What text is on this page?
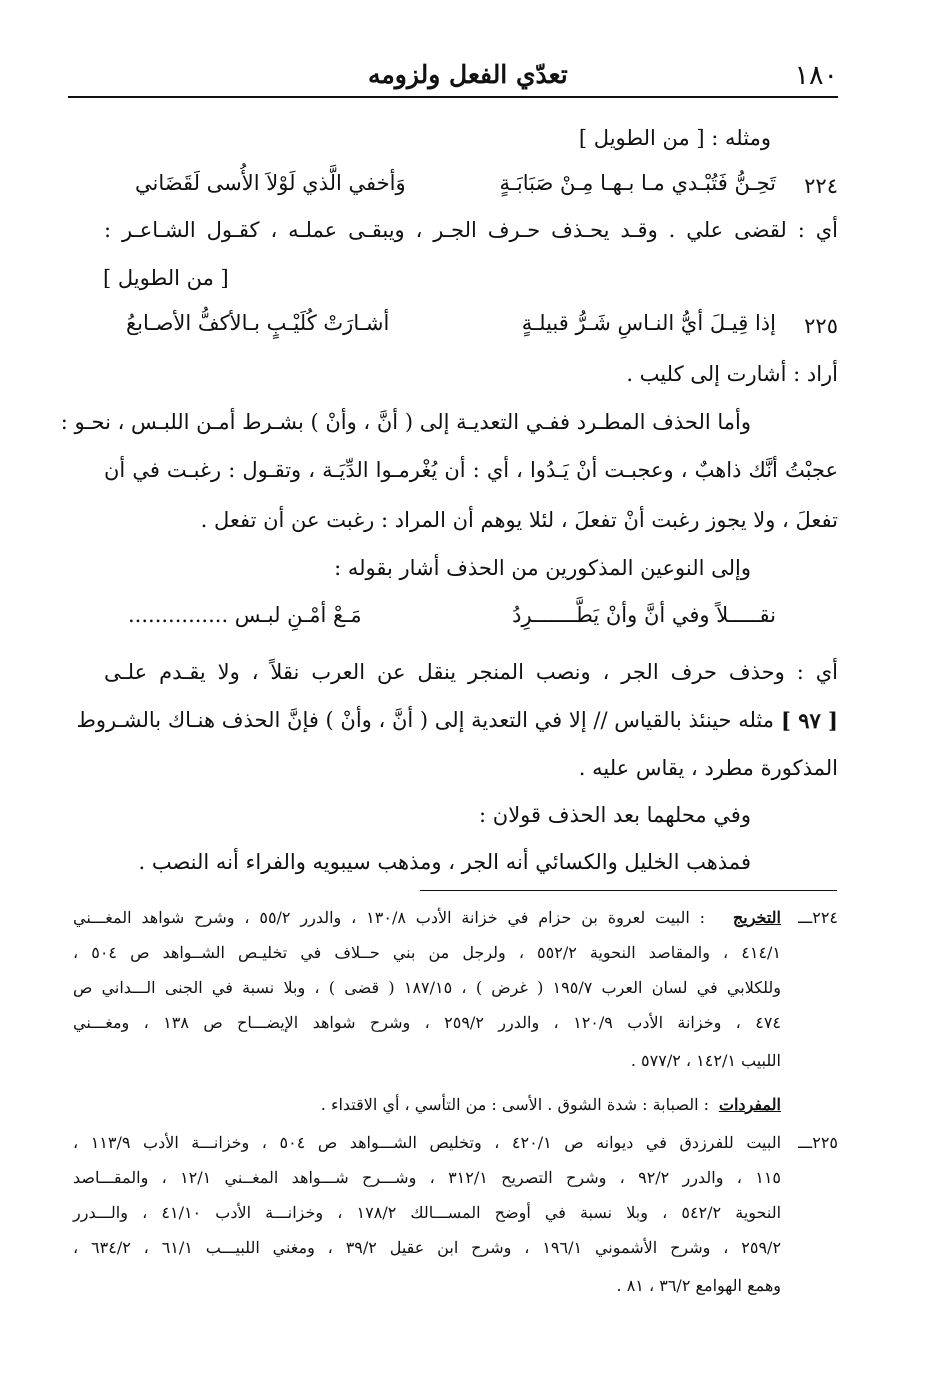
١٨٠
تعدّي الفعل ولزومه
ومثله : [ من الطويل ]
٢٢٤
تَحِـنُّ فَتُبْـدي مـا بـهـا مِـنْ صَبَابَـةٍ
وَأخفي الَّذي لَوْلاَ الأُسى لَقَضَاني
أي : لقضى علي . وقـد يحـذف حـرف الجـر ، ويبقـى عملـه ، كقـول الشـاعـر :
[ من الطويل ]
٢٢٥
إذا قِيـلَ أيُّ النـاسِ شَـرُّ قبيلـةٍ
أشـارَتْ كُلَيْـبٍ بـالأكفُّ الأصـابعُ
أراد : أشارت إلى كليب .
وأما الحذف المطـرد ففـي التعديـة إلى ( أنَّ ، وأنْ ) بشـرط أمـن اللبـس ، نحـو :
عجبْتُ أنَّك ذاهبٌ ، وعجبـت أنْ يَـدُوا ، أي : أن يُغْرمـوا الدِّيَـة ، وتقـول : رغبـت في أن
تفعلَ ، ولا يجوز رغبت أنْ تفعلَ ، لئلا يوهم أن المراد : رغبت عن أن تفعل .
وإلى النوعين المذكورين من الحذف أشار بقوله :
نقـــــلاً وفي أنَّ وأنْ يَطَّـــــــرِدُ
مَـعْ أمْـنِ لبـس ...............
أي : وحذف حرف الجر ، ونصب المنجر ينقل عن العرب نقلاً ، ولا يقـدم علـى
[ ٩٧ ]
مثله حينئذ بالقياس // إلا في التعدية إلى ( أنَّ ، وأنْ ) فإنَّ الحذف هنـاك بالشـروط
المذكورة مطرد ، يقاس عليه .
وفي محلهما بعد الحذف قولان :
فمذهب الخليل والكسائي أنه الجر ، ومذهب سيبويه والفراء أنه النصب .
٢٢٤ـــ
التخريج
: البيت لعروة بن حزام في خزانة الأدب ١٣٠/٨ ، والدرر ٥٥/٢ ، وشرح شواهد المغـــني
٤١٤/١ ، والمقاصد النحوية ٥٥٢/٢ ، ولرجل من بني حــلاف في تخليـص الشــواهد ص ٥٠٤ ،
وللكلابي في لسان العرب ١٩٥/٧ ( غرض ) ، ١٨٧/١٥ ( قضى ) ، وبلا نسبة في الجنى الـــداني ص
٤٧٤ ، وخزانة الأدب ١٢٠/٩ ، والدرر ٢٥٩/٢ ، وشرح شواهد الإيضـــاح ص ١٣٨ ، ومغـــني
اللبيب ١٤٢/١ ، ٥٧٧/٢ .
المفردات
: الصبابة : شدة الشوق . الأسى : من التأسي ، أي الاقتداء .
٢٢٥ـــ
البيت للفرزدق في ديوانه ص ٤٢٠/١ ، وتخليص الشـــواهد ص ٥٠٤ ، وخزانـــة الأدب ١١٣/٩ ،
١١٥ ، والدرر ٩٢/٢ ، وشرح التصريح ٣١٢/١ ، وشـــرح شـــواهد المغــني ١٢/١ ، والمقـــاصد
النحوية ٥٤٢/٢ ، وبلا نسبة في أوضح المســـالك ١٧٨/٢ ، وخزانـــة الأدب ٤١/١٠ ، والـــدرر
٢٥٩/٢ ، وشرح الأشموني ١٩٦/١ ، وشرح ابن عقيل ٣٩/٢ ، ومغني اللبيـــب ٦١/١ ، ٦٣٤/٢ ،
وهمع الهوامع ٣٦/٢ ، ٨١ .
